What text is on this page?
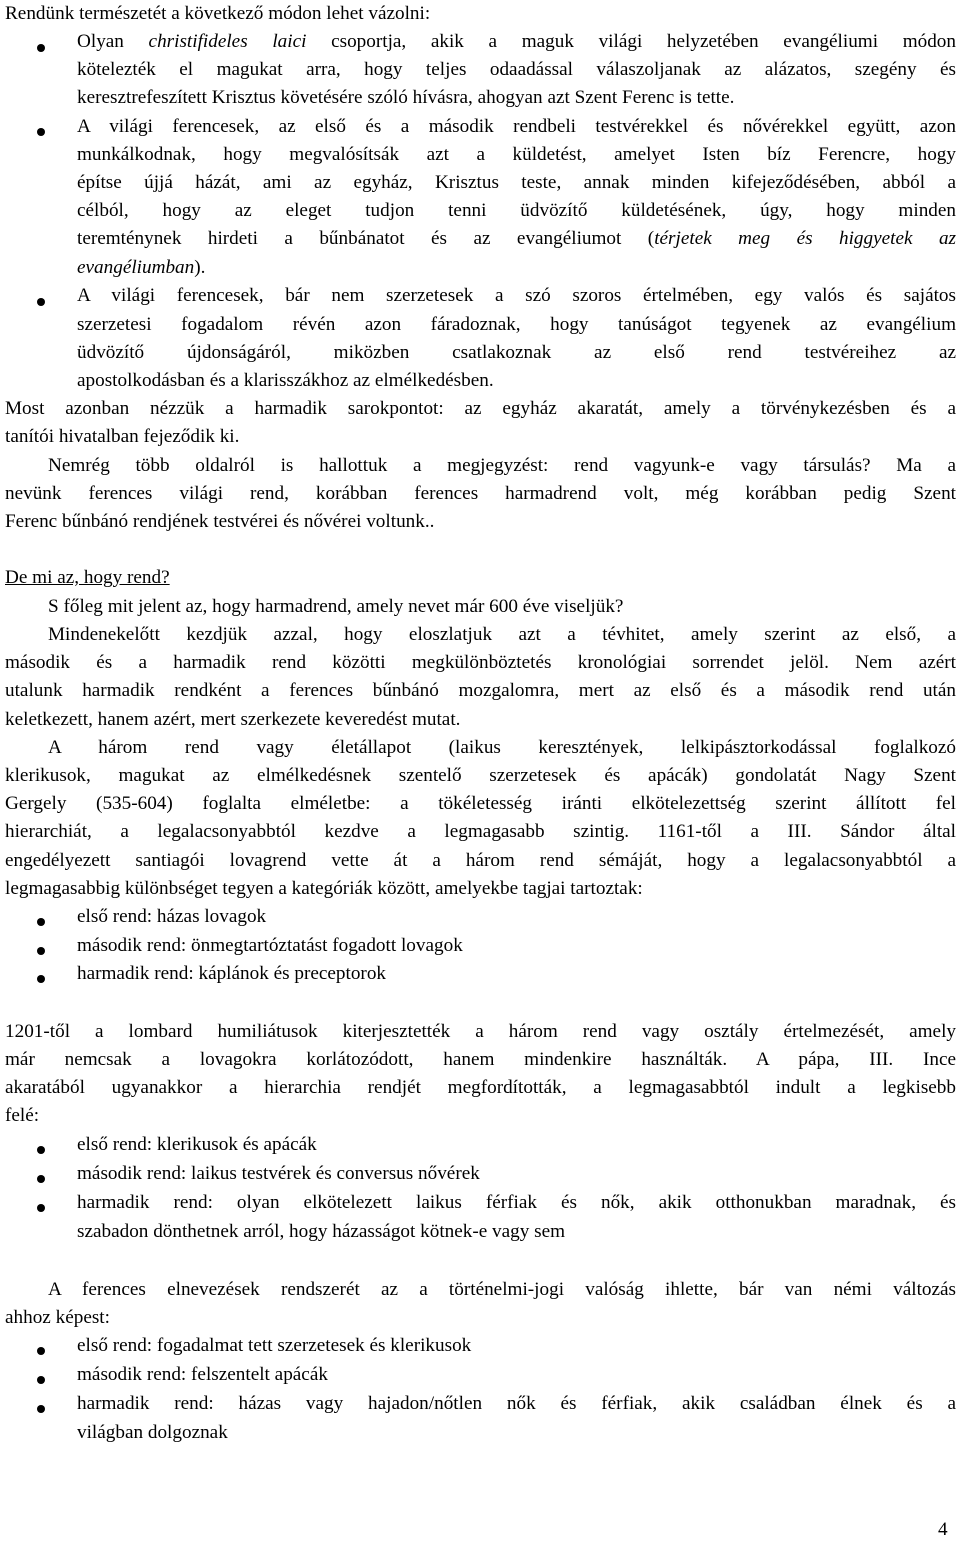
Rendünk természetét a következő módon lehet vázolni:
Olyan christifideles laici csoportja, akik a maguk világi helyzetében evangéliumi módon
kötelezték el magukat arra, hogy teljes odaadással válaszoljanak az alázatos, szegény és
keresztrefeszített Krisztus követésére szóló hívásra, ahogyan azt Szent Ferenc is tette.
A világi ferencesek, az első és a második rendbeli testvérekkel és nővérekkel együtt, azon
munkálkodnak, hogy megvalósítsák azt a küldetést, amelyet Isten bíz Ferencre, hogy
építse újjá házát, ami az egyház, Krisztus teste, annak minden kifejeződésében, abból a
célból, hogy az eleget tudjon tenni üdvözítő küldetésének, úgy, hogy minden
teremténynek hirdeti a bűnbánatot és az evangéliumot (térjetek meg és higgyetek az
evangéliumban).
A világi ferencesek, bár nem szerzetesek a szó szoros értelmében, egy valós és sajátos
szerzetesi fogadalom révén azon fáradoznak, hogy tanúságot tegyenek az evangélium
üdvözítő újdonságáról, miközben csatlakoznak az első rend testvéreihez az
apostolkodásban és a klarisszákhoz az elmélkedésben.
Most azonban nézzük a harmadik sarokpontot: az egyház akaratát, amely a törvénykezésben és a
tanítói hivatalban fejeződik ki.
Nemrég több oldalról is hallottuk a megjegyzést: rend vagyunk-e vagy társulás? Ma a
nevünk ferences világi rend, korábban ferences harmadrend volt, még korábban pedig Szent
Ferenc bűnbánó rendjének testvérei és nővérei voltunk..
De mi az, hogy rend?
S főleg mit jelent az, hogy harmadrend, amely nevet már 600 éve viseljük?
Mindenekelőtt kezdjük azzal, hogy eloszlatjuk azt a tévhitet, amely szerint az első, a
második és a harmadik rend közötti megkülönböztetés kronológiai sorrendet jelöl. Nem azért
utalunk harmadik rendként a ferences bűnbánó mozgalomra, mert az első és a második rend után
keletkezett, hanem azért, mert szerkezete keveredést mutat.
A három rend vagy életállapot (laikus keresztények, lelkipásztorkodással foglalkozó
klerikusok, magukat az elmélkedésnek szentelő szerzetesek és apácák) gondolatát Nagy Szent
Gergely (535-604) foglalta elméletbe: a tökéletesség iránti elkötelezettség szerint állított fel
hierarchiát, a legalacsonyabbtól kezdve a legmagasabb szintig. 1161-től a III. Sándor által
engedélyezett santiagói lovagrend vette át a három rend sémáját, hogy a legalacsonyabbtól a
legmagasabbig különbséget tegyen a kategóriák között, amelyekbe tagjai tartoztak:
első rend: házas lovagok
második rend: önmegtartóztatást fogadott lovagok
harmadik rend: káplánok és preceptorok
1201-től a lombard humiliátusok kiterjesztették a három rend vagy osztály értelmezését, amely
már nemcsak a lovagokra korlátozódott, hanem mindenkire használták. A pápa, III. Ince
akaratából ugyanakkor a hierarchia rendjét megfordították, a legmagasabbtól indult a legkisebb
felé:
első rend: klerikusok és apácák
második rend: laikus testvérek és conversus nővérek
harmadik rend: olyan elkötelezett laikus férfiak és nők, akik otthonukban maradnak, és
szabadon dönthetnek arról, hogy házasságot kötnek-e vagy sem
A ferences elnevezések rendszerét az a történelmi-jogi valóság ihlette, bár van némi változás
ahhoz képest:
első rend: fogadalmat tett szerzetesek és klerikusok
második rend: felszentelt apácák
harmadik rend: házas vagy hajadon/nőtlen nők és férfiak, akik családban élnek és a
világban dolgoznak
4
